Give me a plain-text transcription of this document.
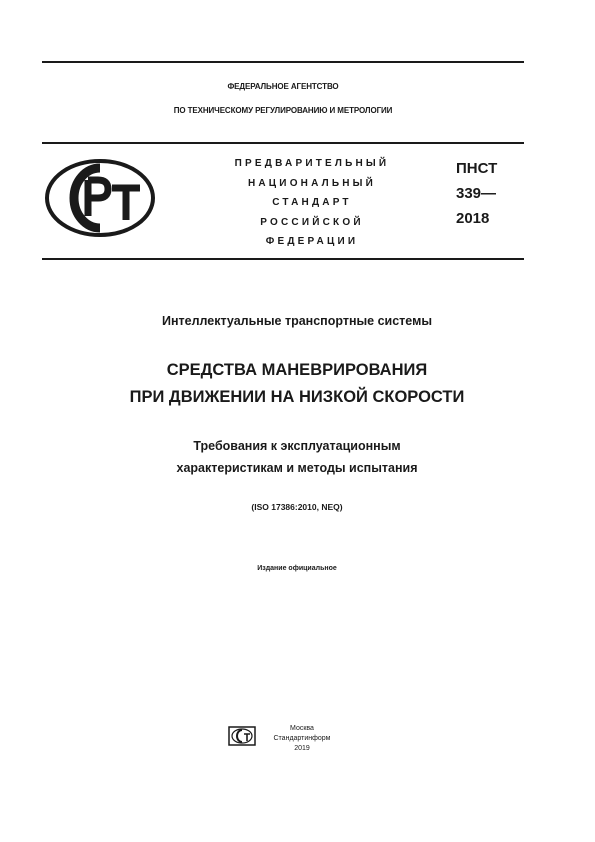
ФЕДЕРАЛЬНОЕ АГЕНТСТВО
ПО ТЕХНИЧЕСКОМУ РЕГУЛИРОВАНИЮ И МЕТРОЛОГИИ
ПРЕДВАРИТЕЛЬНЫЙ
НАЦИОНАЛЬНЫЙ
СТАНДАРТ
РОССИЙСКОЙ
ФЕДЕРАЦИИ
ПНСТ
339—
2018
Интеллектуальные транспортные системы
СРЕДСТВА МАНЕВРИРОВАНИЯ
ПРИ ДВИЖЕНИИ НА НИЗКОЙ СКОРОСТИ
Требования к эксплуатационным
характеристикам и методы испытания
(ISO 17386:2010, NEQ)
Издание официальное
Москва
Стандартинформ
2019
